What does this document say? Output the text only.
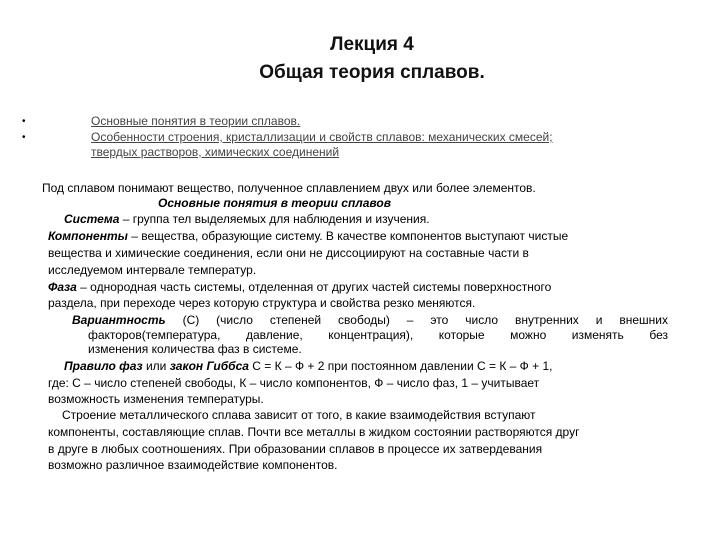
Лекция 4
Общая теория сплавов.
•	Основные понятия в теории сплавов.
•	Особенности строения, кристаллизации и свойств сплавов: механических смесей;
твердых растворов, химических соединений
Под сплавом понимают вещество, полученное сплавлением двух или более элементов.
Основные понятия в теории сплавов
Система – группа тел выделяемых для наблюдения и изучения.
Компоненты – вещества, образующие систему. В качестве компонентов выступают чистые
вещества и химические соединения, если они не диссоциируют на составные части в
исследуемом интервале температур.
Фаза – однородная часть системы, отделенная от других частей системы поверхностного
раздела, при переходе через которую структура и свойства резко меняются.
Вариантность (С) (число степеней свободы) – это число внутренних и внешних
факторов(температура, давление, концентрация), которые можно изменять без
изменения количества фаз в системе.
Правило фаз или закон Гиббса С = К – Ф + 2 при постоянном давлении С = К – Ф + 1,
где: С – число степеней свободы, К – число компонентов, Ф – число фаз, 1 – учитывает
возможность изменения температуры.
Строение металлического сплава зависит от того, в какие взаимодействия вступают
компоненты, составляющие сплав. Почти все металлы в жидком состоянии растворяются друг
в друге в любых соотношениях. При образовании сплавов в процессе их затвердевания
возможно различное взаимодействие компонентов.
